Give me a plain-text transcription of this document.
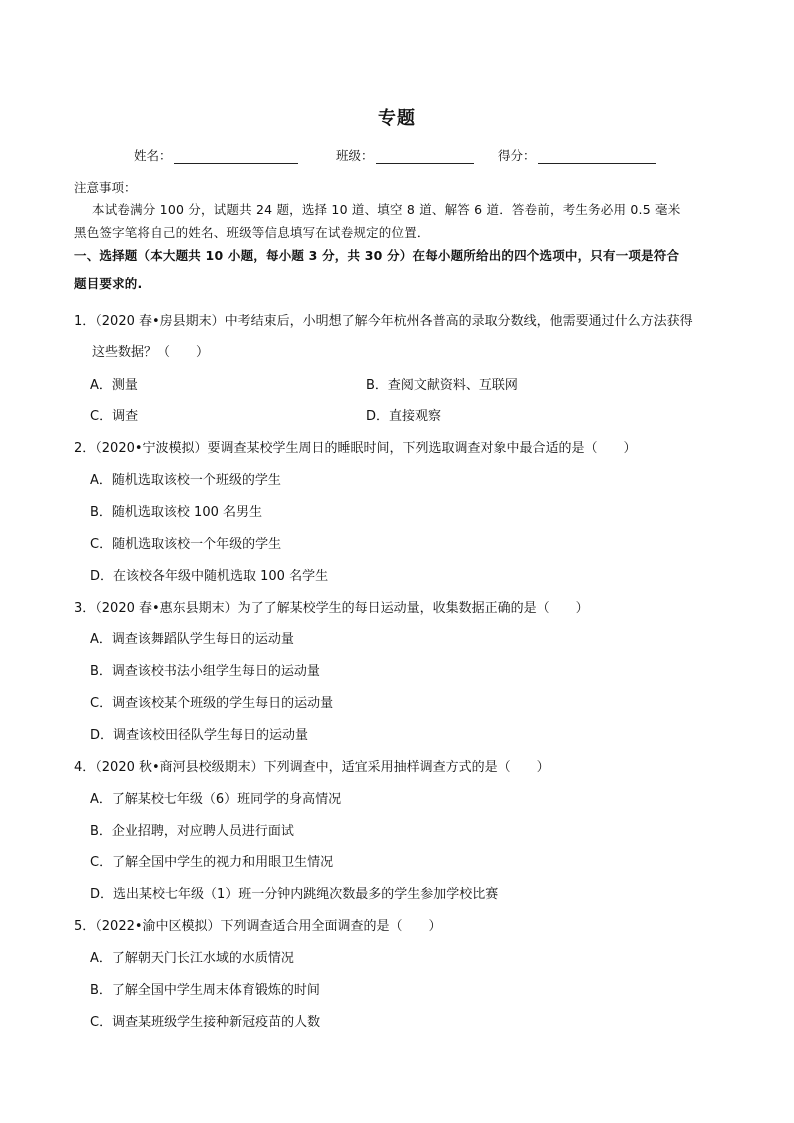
专题
姓名：	班级：	得分：
注意事项：
本试卷满分 100 分，试题共 24 题，选择 10 道、填空 8 道、解答 6 道．答卷前，考生务必用 0.5 毫米
黑色签字笔将自己的姓名、班级等信息填写在试卷规定的位置．
一、选择题（本大题共 10 小题，每小题 3 分，共 30 分）在每小题所给出的四个选项中，只有一项是符合
题目要求的.
1．（2020 春•房县期末）中考结束后，小明想了解今年杭州各普高的录取分数线，他需要通过什么方法获得
这些数据？（　　）
A．测量	B．查阅文献资料、互联网
C．调查	D．直接观察
2．（2020•宁波模拟）要调查某校学生周日的睡眠时间，下列选取调查对象中最合适的是（　　）
A．随机选取该校一个班级的学生
B．随机选取该校 100 名男生
C．随机选取该校一个年级的学生
D．在该校各年级中随机选取 100 名学生
3．（2020 春•惠东县期末）为了了解某校学生的每日运动量，收集数据正确的是（　　）
A．调查该舞蹈队学生每日的运动量
B．调查该校书法小组学生每日的运动量
C．调查该校某个班级的学生每日的运动量
D．调查该校田径队学生每日的运动量
4．（2020 秋•商河县校级期末）下列调查中，适宜采用抽样调查方式的是（　　）
A．了解某校七年级（6）班同学的身高情况
B．企业招聘，对应聘人员进行面试
C．了解全国中学生的视力和用眼卫生情况
D．选出某校七年级（1）班一分钟内跳绳次数最多的学生参加学校比赛
5．（2022•渝中区模拟）下列调查适合用全面调查的是（　　）
A．了解朝天门长江水域的水质情况
B．了解全国中学生周末体育锻炼的时间
C．调查某班级学生接种新冠疫苗的人数
